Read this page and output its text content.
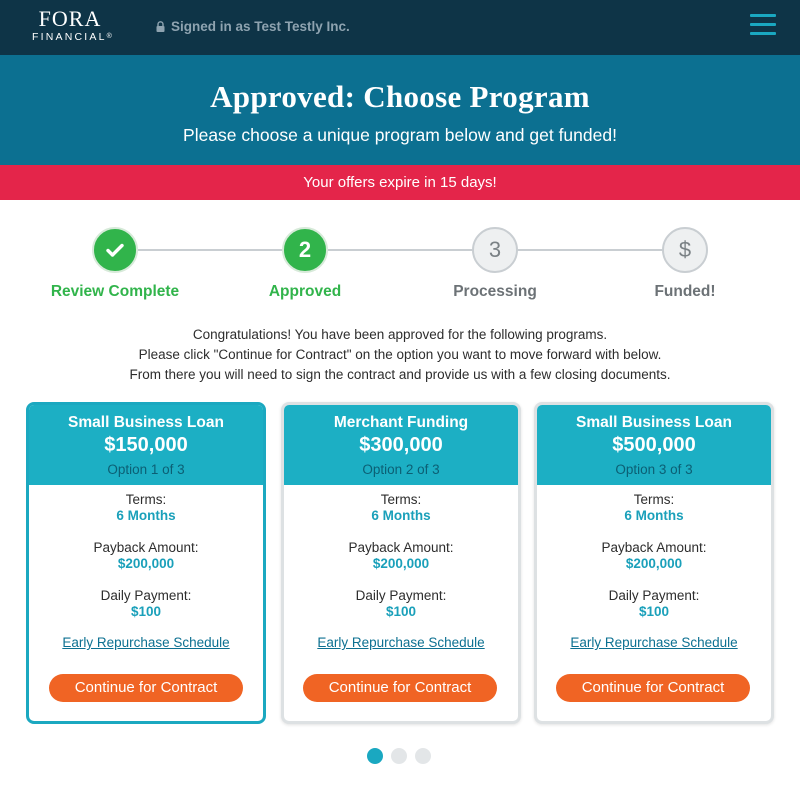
FORA
FINANCIAL®
Signed in as Test Testly Inc.
Approved: Choose Program
Please choose a unique program below and get funded!
Your offers expire in 15 days!
2	3	$
Review Complete	Approved	Processing	Funded!
Congratulations! You have been approved for the following programs.
Please click "Continue for Contract" on the option you want to move forward with below.
From there you will need to sign the contract and provide us with a few closing documents.
Small Business Loan
$150,000
Option 1 of 3
Terms:
6 Months
Payback Amount:
$200,000
Daily Payment:
$100
Early Repurchase Schedule
Continue for Contract
Merchant Funding
$300,000
Option 2 of 3
Terms:
6 Months
Payback Amount:
$200,000
Daily Payment:
$100
Early Repurchase Schedule
Continue for Contract
Small Business Loan
$500,000
Option 3 of 3
Terms:
6 Months
Payback Amount:
$200,000
Daily Payment:
$100
Early Repurchase Schedule
Continue for Contract
